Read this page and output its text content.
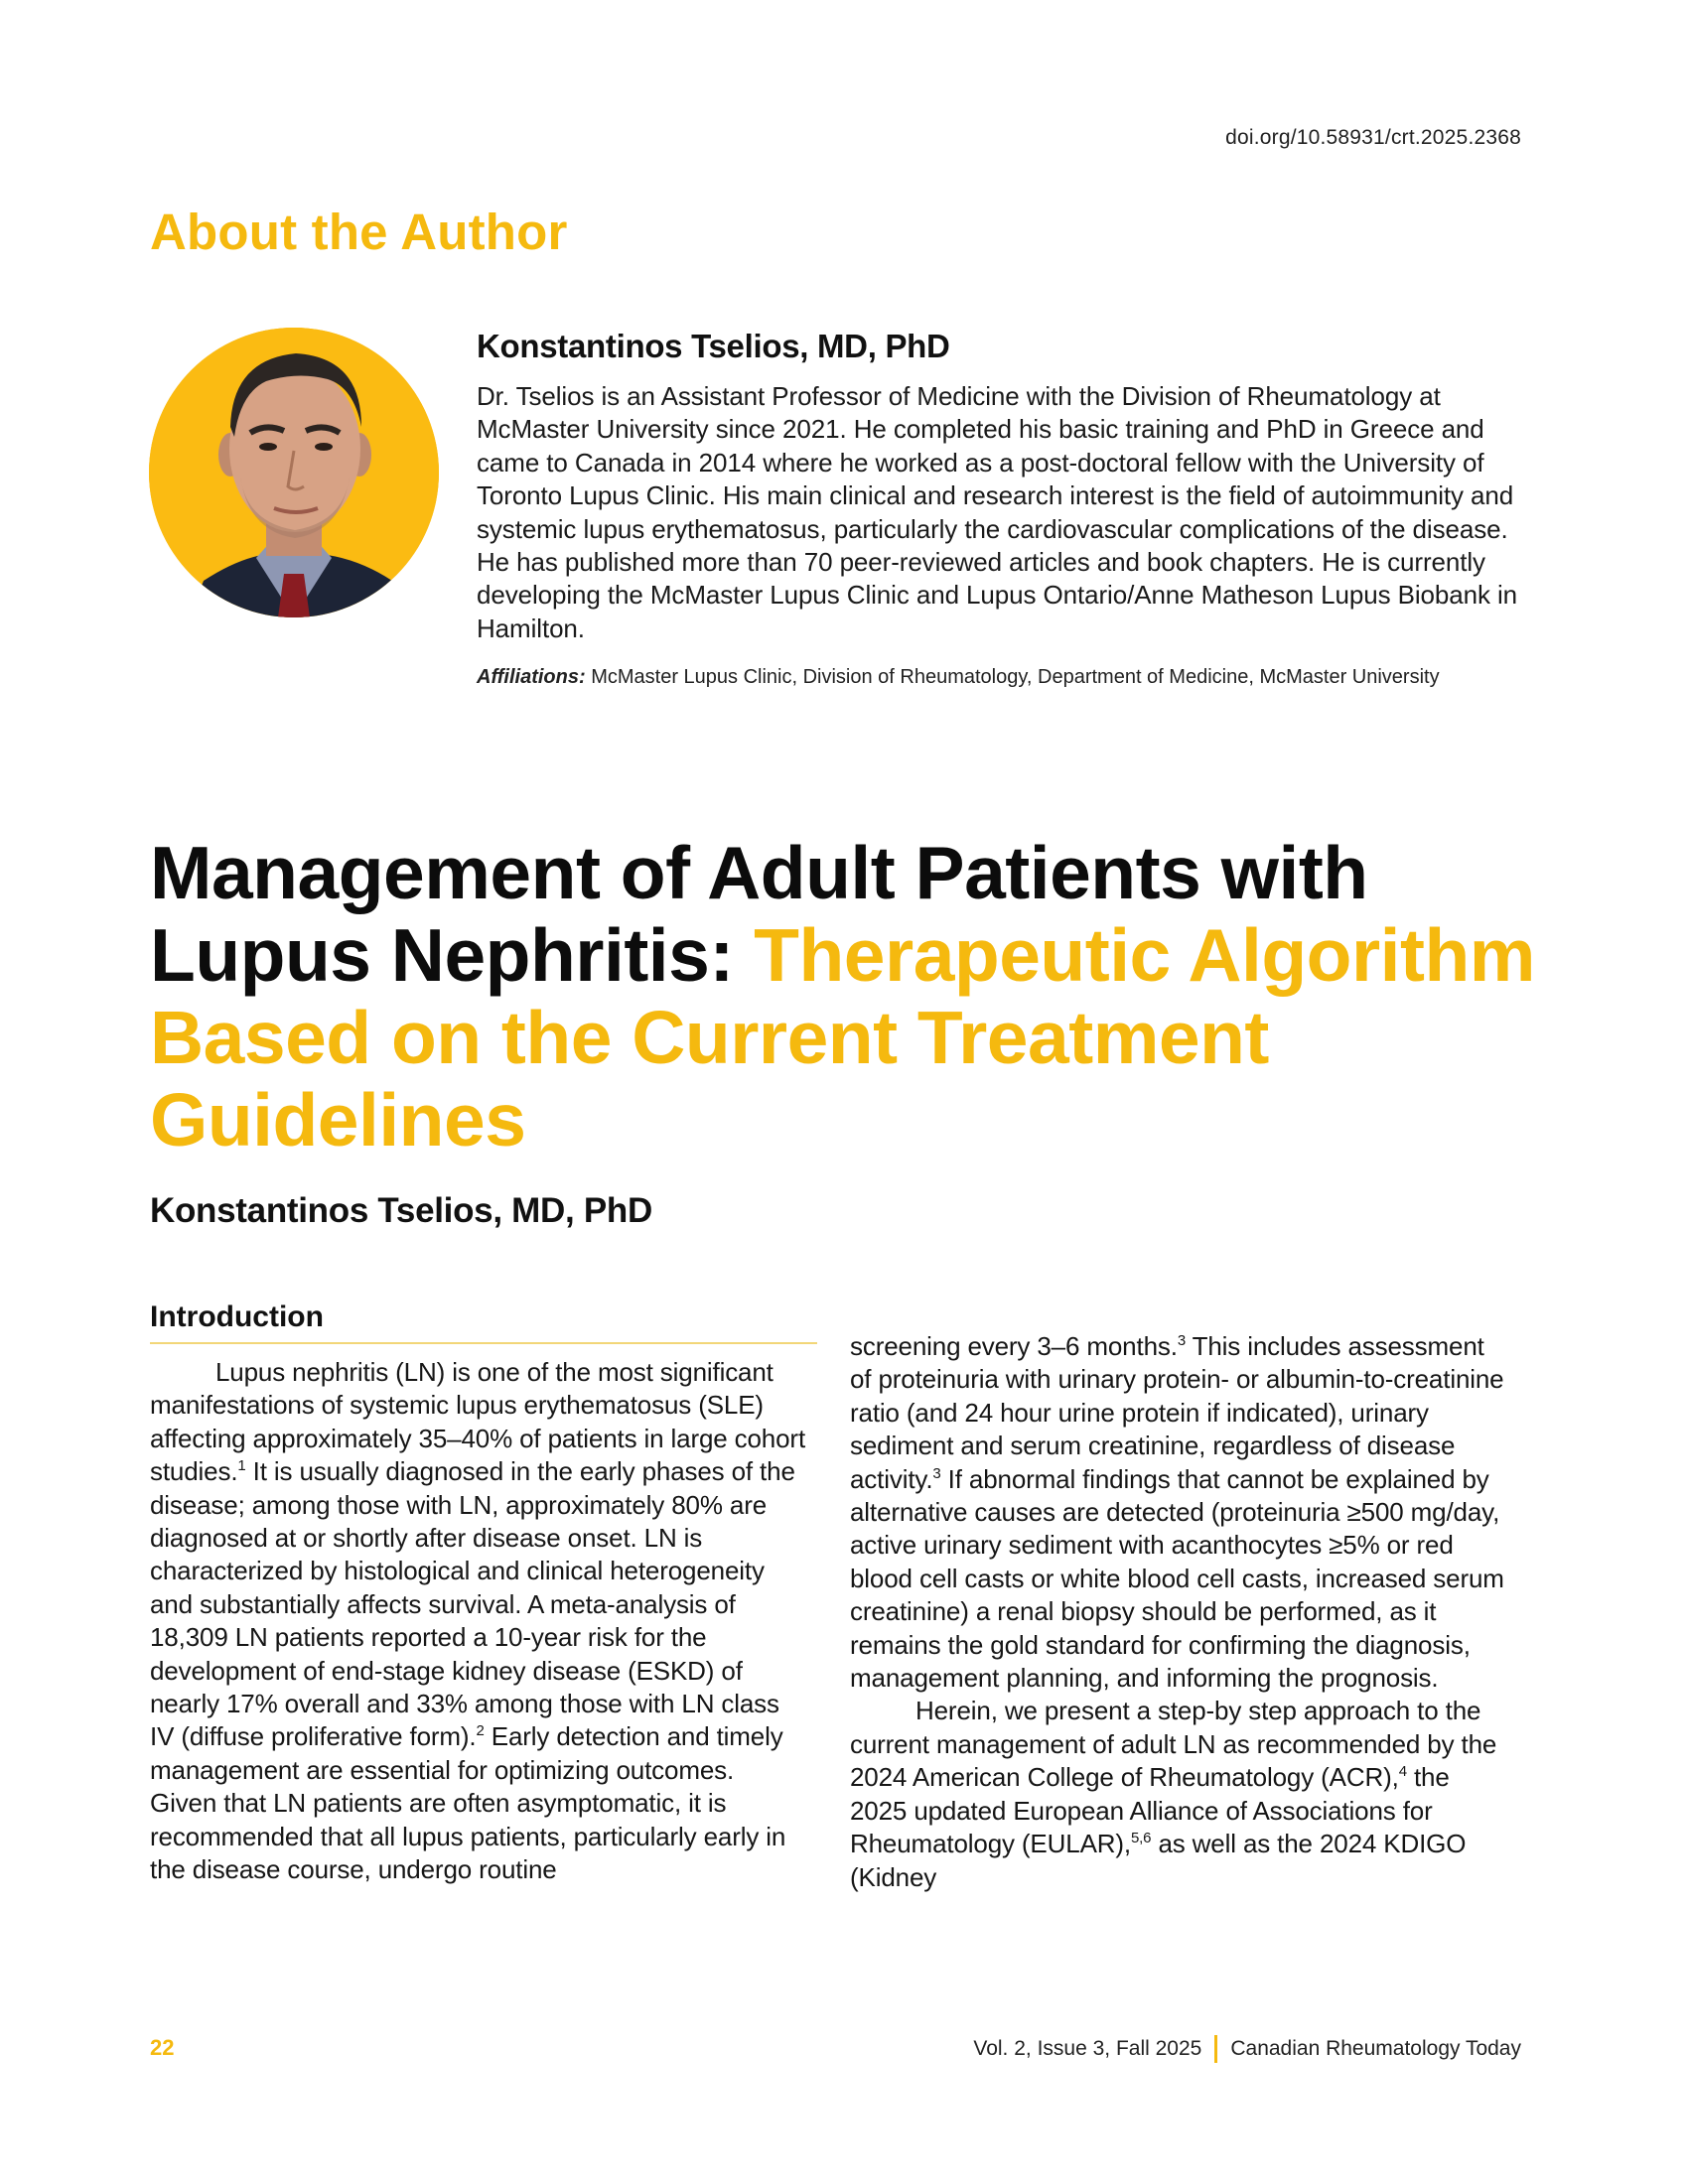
doi.org/10.58931/crt.2025.2368
About the Author
Konstantinos Tselios, MD, PhD

Dr. Tselios is an Assistant Professor of Medicine with the Division of Rheumatology at McMaster University since 2021. He completed his basic training and PhD in Greece and came to Canada in 2014 where he worked as a post-doctoral fellow with the University of Toronto Lupus Clinic. His main clinical and research interest is the field of autoimmunity and systemic lupus erythematosus, particularly the cardiovascular complications of the disease. He has published more than 70 peer-reviewed articles and book chapters. He is currently developing the McMaster Lupus Clinic and Lupus Ontario/Anne Matheson Lupus Biobank in Hamilton.

Affiliations: McMaster Lupus Clinic, Division of Rheumatology, Department of Medicine, McMaster University
Management of Adult Patients with Lupus Nephritis: Therapeutic Algorithm Based on the Current Treatment Guidelines
Konstantinos Tselios, MD, PhD
Introduction

Lupus nephritis (LN) is one of the most significant manifestations of systemic lupus erythematosus (SLE) affecting approximately 35–40% of patients in large cohort studies.$^1$ It is usually diagnosed in the early phases of the disease; among those with LN, approximately 80% are diagnosed at or shortly after disease onset. LN is characterized by histological and clinical heterogeneity and substantially affects survival. A meta-analysis of 18,309 LN patients reported a 10-year risk for the development of end-stage kidney disease (ESKD) of nearly 17% overall and 33% among those with LN class IV (diffuse proliferative form).$^2$ Early detection and timely management are essential for optimizing outcomes. Given that LN patients are often asymptomatic, it is recommended that all lupus patients, particularly early in the disease course, undergo routine

screening every 3–6 months.$^3$ This includes assessment of proteinuria with urinary protein- or albumin-to-creatinine ratio (and 24 hour urine protein if indicated), urinary sediment and serum creatinine, regardless of disease activity.$^3$ If abnormal findings that cannot be explained by alternative causes are detected (proteinuria ≥500 mg/day, active urinary sediment with acanthocytes ≥5% or red blood cell casts or white blood cell casts, increased serum creatinine) a renal biopsy should be performed, as it remains the gold standard for confirming the diagnosis, management planning, and informing the prognosis.

Herein, we present a step-by step approach to the current management of adult LN as recommended by the 2024 American College of Rheumatology (ACR),$^4$ the 2025 updated European Alliance of Associations for Rheumatology (EULAR),$^{5,6}$ as well as the 2024 KDIGO (Kidney

22	Vol. 2, Issue 3, Fall 2025 Canadian Rheumatology Today
